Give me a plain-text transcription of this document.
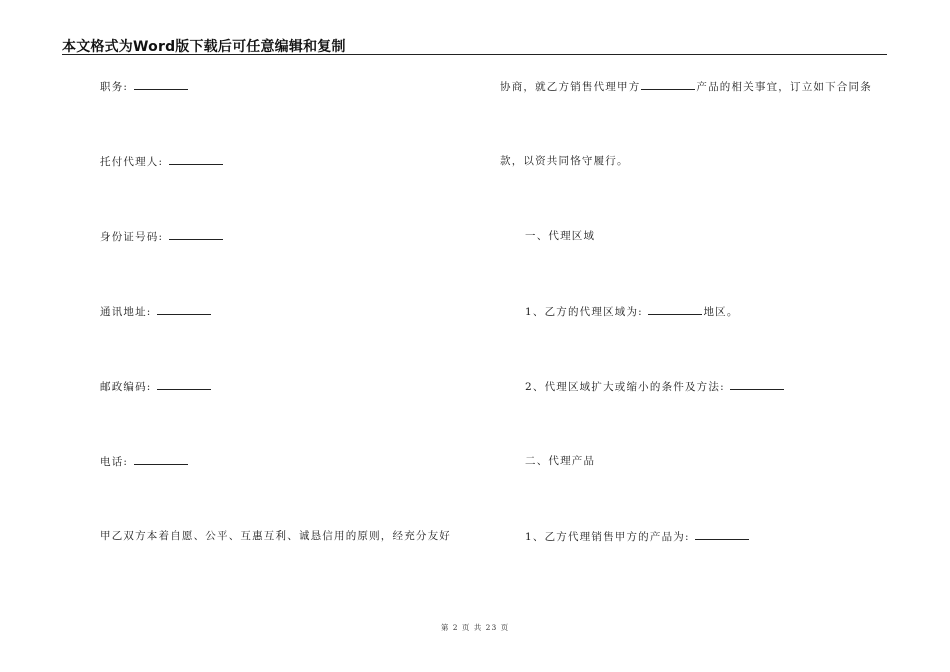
本文格式为Word版下载后可任意编辑和复制
职务:
托付代理人:
身份证号码:
通讯地址:
邮政编码:
电话:
甲乙双方本着自愿、公平、互惠互利、诚恳信用的原则，经充分友好
协商，就乙方销售代理甲方	产品的相关事宜，订立如下合同条
款，以资共同恪守履行。
一、代理区域
1、乙方的代理区域为:	地区。
2、代理区域扩大或缩小的条件及方法:
二、代理产品
1、乙方代理销售甲方的产品为:
第 2 页 共 23 页
